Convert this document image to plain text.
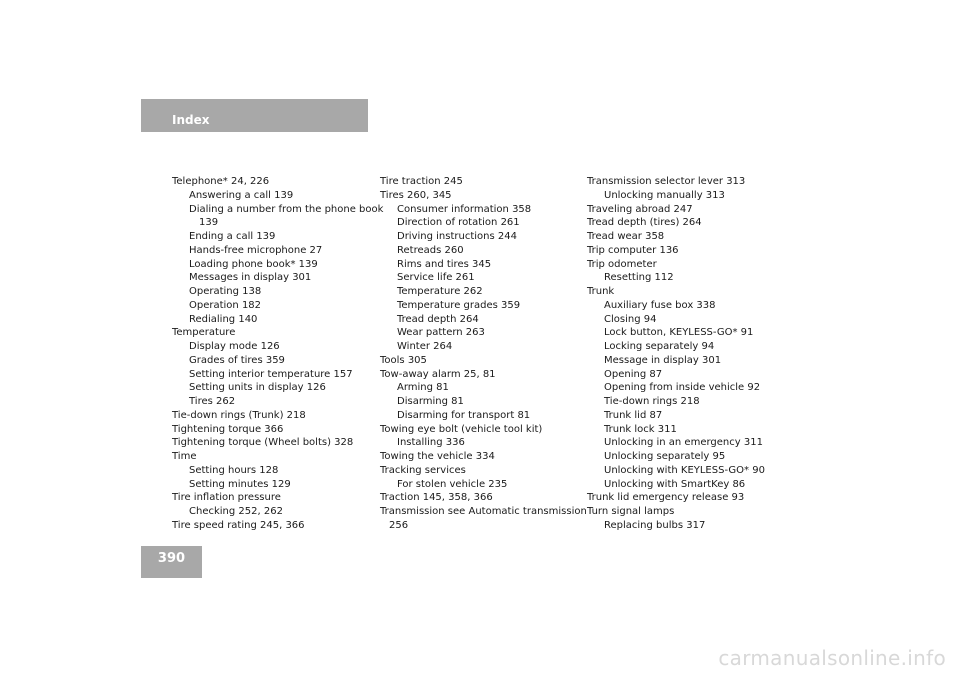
Index
Telephone* 24, 226
Answering a call 139
Dialing a number from the phone book
139
Ending a call 139
Hands-free microphone 27
Loading phone book* 139
Messages in display 301
Operating 138
Operation 182
Redialing 140
Temperature
Display mode 126
Grades of tires 359
Setting interior temperature 157
Setting units in display 126
Tires 262
Tie-down rings (Trunk) 218
Tightening torque 366
Tightening torque (Wheel bolts) 328
Time
Setting hours 128
Setting minutes 129
Tire inflation pressure
Checking 252, 262
Tire speed rating 245, 366
Tire traction 245
Tires 260, 345
Consumer information 358
Direction of rotation 261
Driving instructions 244
Retreads 260
Rims and tires 345
Service life 261
Temperature 262
Temperature grades 359
Tread depth 264
Wear pattern 263
Winter 264
Tools 305
Tow-away alarm 25, 81
Arming 81
Disarming 81
Disarming for transport 81
Towing eye bolt (vehicle tool kit)
Installing 336
Towing the vehicle 334
Tracking services
For stolen vehicle 235
Traction 145, 358, 366
Transmission see Automatic transmission
256
Transmission selector lever 313
Unlocking manually 313
Traveling abroad 247
Tread depth (tires) 264
Tread wear 358
Trip computer 136
Trip odometer
Resetting 112
Trunk
Auxiliary fuse box 338
Closing 94
Lock button, KEYLESS-GO* 91
Locking separately 94
Message in display 301
Opening 87
Opening from inside vehicle 92
Tie-down rings 218
Trunk lid 87
Trunk lock 311
Unlocking in an emergency 311
Unlocking separately 95
Unlocking with KEYLESS-GO* 90
Unlocking with SmartKey 86
Trunk lid emergency release 93
Turn signal lamps
Replacing bulbs 317
390
carmanualsonline.info
